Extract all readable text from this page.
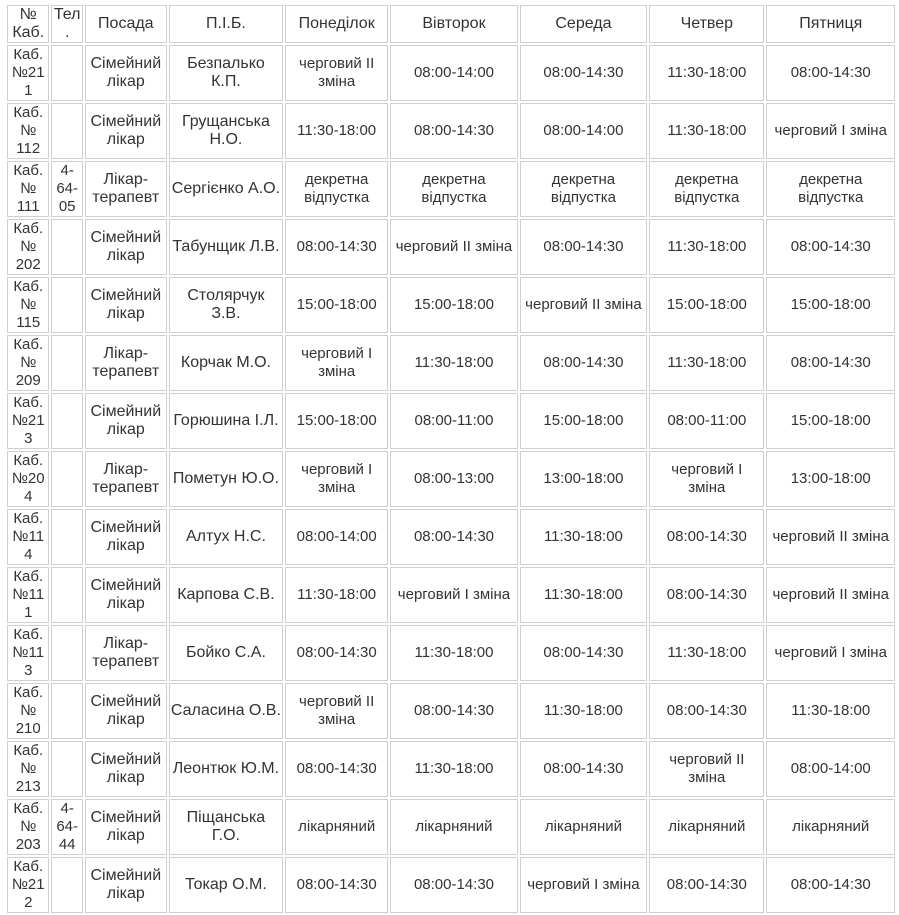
№ Каб.	Тел.	Посада	П.І.Б.	Понеділок	Вівторок	Середа	Четвер	Пятниця
Каб. №211		Сімейний лікар	Безпалько К.П.	черговий ІІ зміна	08:00-14:00	08:00-14:30	11:30-18:00	08:00-14:30
Каб. № 112		Сімейний лікар	Грущанська Н.О.	11:30-18:00	08:00-14:30	08:00-14:00	11:30-18:00	черговий І зміна
Каб. № 111	4-64-05	Лікар-терапевт	Сергієнко А.О.	декретна відпустка	декретна відпустка	декретна відпустка	декретна відпустка	декретна відпустка
Каб. № 202		Сімейний лікар	Табунщик Л.В.	08:00-14:30	черговий ІІ зміна	08:00-14:30	11:30-18:00	08:00-14:30
Каб. № 115		Сімейний лікар	Столярчук З.В.	15:00-18:00	15:00-18:00	черговий ІІ зміна	15:00-18:00	15:00-18:00
Каб. № 209		Лікар-терапевт	Корчак М.О.	черговий І зміна	11:30-18:00	08:00-14:30	11:30-18:00	08:00-14:30
Каб. №213		Сімейний лікар	Горюшина І.Л.	15:00-18:00	08:00-11:00	15:00-18:00	08:00-11:00	15:00-18:00
Каб. №204		Лікар-терапевт	Пометун Ю.О.	черговий І зміна	08:00-13:00	13:00-18:00	черговий І зміна	13:00-18:00
Каб. №114		Сімейний лікар	Алтух Н.С.	08:00-14:00	08:00-14:30	11:30-18:00	08:00-14:30	черговий ІІ зміна
Каб. №111		Сімейний лікар	Карпова С.В.	11:30-18:00	черговий І зміна	11:30-18:00	08:00-14:30	черговий ІІ зміна
Каб. №113		Лікар-терапевт	Бойко С.А.	08:00-14:30	11:30-18:00	08:00-14:30	11:30-18:00	черговий І зміна
Каб. № 210		Сімейний лікар	Саласина О.В.	черговий ІІ зміна	08:00-14:30	11:30-18:00	08:00-14:30	11:30-18:00
Каб. № 213		Сімейний лікар	Леонтюк Ю.М.	08:00-14:30	11:30-18:00	08:00-14:30	черговий ІІ зміна	08:00-14:00
Каб. № 203	4-64-44	Сімейний лікар	Піщанська Г.О.	лікарняний	лікарняний	лікарняний	лікарняний	лікарняний
Каб. №212		Сімейний лікар	Токар О.М.	08:00-14:30	08:00-14:30	черговий І зміна	08:00-14:30	08:00-14:30
